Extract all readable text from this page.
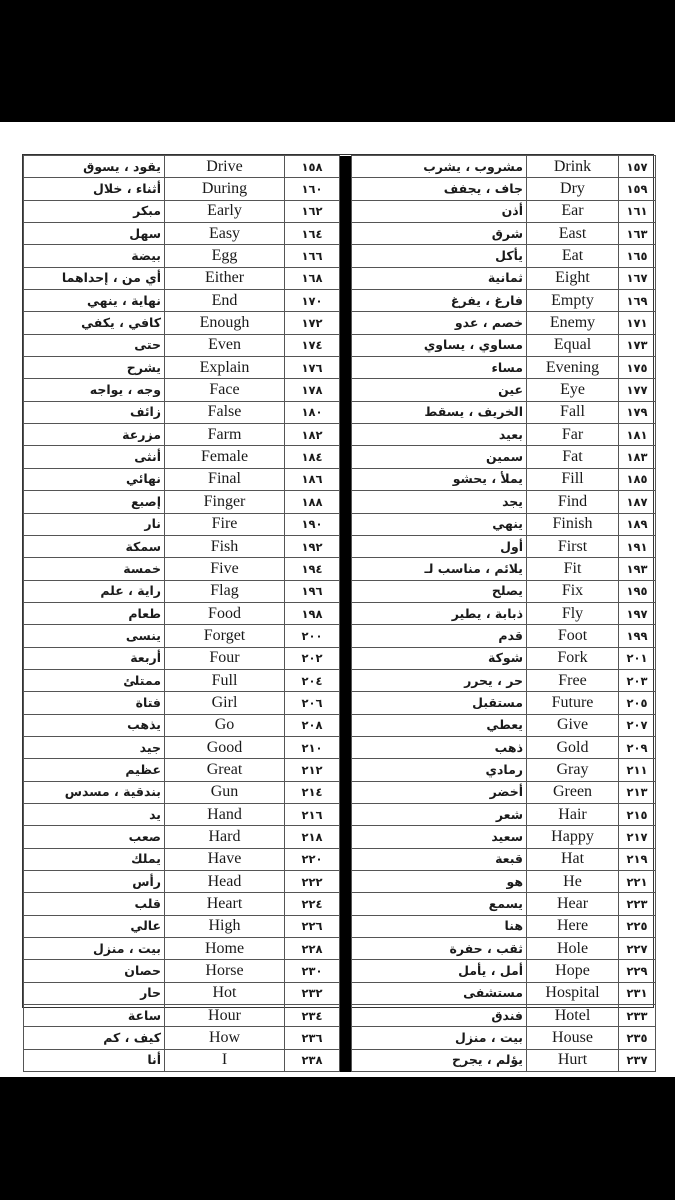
يقود ، يسوق	Drive	١٥٨		مشروب ، يشرب	Drink	١٥٧
أثناء ، خلال	During	١٦٠		جاف ، يجفف	Dry	١٥٩
مبكر	Early	١٦٢		أذن	Ear	١٦١
سهل	Easy	١٦٤		شرق	East	١٦٣
بيضة	Egg	١٦٦		يأكل	Eat	١٦٥
أي من ، إحداهما	Either	١٦٨		ثمانية	Eight	١٦٧
نهاية ، ينهي	End	١٧٠		فارغ ، يفرغ	Empty	١٦٩
كافي ، يكفي	Enough	١٧٢		خصم ، عدو	Enemy	١٧١
حتى	Even	١٧٤		مساوي ، يساوي	Equal	١٧٣
يشرح	Explain	١٧٦		مساء	Evening	١٧٥
وجه ، يواجه	Face	١٧٨		عين	Eye	١٧٧
زائف	False	١٨٠		الخريف ، يسقط	Fall	١٧٩
مزرعة	Farm	١٨٢		بعيد	Far	١٨١
أنثى	Female	١٨٤		سمين	Fat	١٨٣
نهائي	Final	١٨٦		يملأ ، يحشو	Fill	١٨٥
إصبع	Finger	١٨٨		يجد	Find	١٨٧
نار	Fire	١٩٠		ينهي	Finish	١٨٩
سمكة	Fish	١٩٢		أول	First	١٩١
خمسة	Five	١٩٤		يلائم ، مناسب لـ	Fit	١٩٣
راية ، علم	Flag	١٩٦		يصلح	Fix	١٩٥
طعام	Food	١٩٨		ذبابة ، يطير	Fly	١٩٧
ينسى	Forget	٢٠٠		قدم	Foot	١٩٩
أربعة	Four	٢٠٢		شوكة	Fork	٢٠١
ممتلئ	Full	٢٠٤		حر ، يحرر	Free	٢٠٣
فتاة	Girl	٢٠٦		مستقبل	Future	٢٠٥
يذهب	Go	٢٠٨		يعطي	Give	٢٠٧
جيد	Good	٢١٠		ذهب	Gold	٢٠٩
عظيم	Great	٢١٢		رمادي	Gray	٢١١
بندقية ، مسدس	Gun	٢١٤		أخضر	Green	٢١٣
يد	Hand	٢١٦		شعر	Hair	٢١٥
صعب	Hard	٢١٨		سعيد	Happy	٢١٧
يملك	Have	٢٢٠		قبعة	Hat	٢١٩
رأس	Head	٢٢٢		هو	He	٢٢١
قلب	Heart	٢٢٤		يسمع	Hear	٢٢٣
عالي	High	٢٢٦		هنا	Here	٢٢٥
بيت ، منزل	Home	٢٢٨		ثقب ، حفرة	Hole	٢٢٧
حصان	Horse	٢٣٠		أمل ، يأمل	Hope	٢٢٩
حار	Hot	٢٣٢		مستشفى	Hospital	٢٣١
ساعة	Hour	٢٣٤		فندق	Hotel	٢٣٣
كيف ، كم	How	٢٣٦		بيت ، منزل	House	٢٣٥
أنا	I	٢٣٨		يؤلم ، يجرح	Hurt	٢٣٧
